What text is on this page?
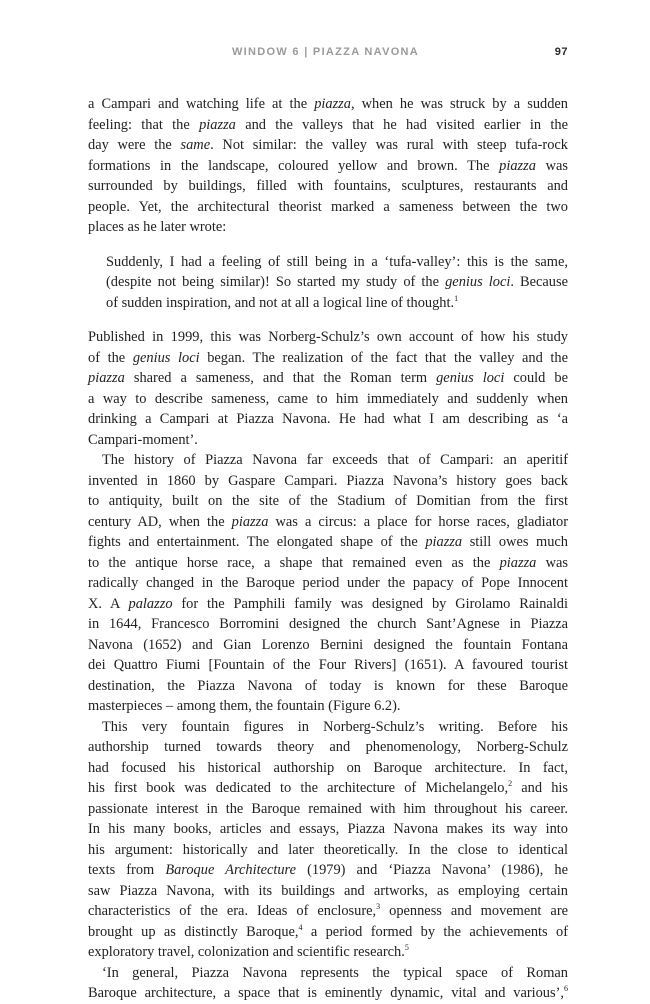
WINDOW 6 | PIAZZA NAVONA	97
a Campari and watching life at the piazza, when he was struck by a sudden
feeling: that the piazza and the valleys that he had visited earlier in the
day were the same. Not similar: the valley was rural with steep tufa-rock
formations in the landscape, coloured yellow and brown. The piazza was
surrounded by buildings, filled with fountains, sculptures, restaurants and
people. Yet, the architectural theorist marked a sameness between the two
places as he later wrote:
Suddenly, I had a feeling of still being in a ‘tufa-valley’: this is the same,
(despite not being similar)! So started my study of the genius loci. Because
of sudden inspiration, and not at all a logical line of thought.$^1$
Published in 1999, this was Norberg-Schulz’s own account of how his study
of the genius loci began. The realization of the fact that the valley and the
piazza shared a sameness, and that the Roman term genius loci could be
a way to describe sameness, came to him immediately and suddenly when
drinking a Campari at Piazza Navona. He had what I am describing as ‘a
Campari-moment’.
The history of Piazza Navona far exceeds that of Campari: an aperitif
invented in 1860 by Gaspare Campari. Piazza Navona’s history goes back
to antiquity, built on the site of the Stadium of Domitian from the first
century AD, when the piazza was a circus: a place for horse races, gladiator
fights and entertainment. The elongated shape of the piazza still owes much
to the antique horse race, a shape that remained even as the piazza was
radically changed in the Baroque period under the papacy of Pope Innocent
X. A palazzo for the Pamphili family was designed by Girolamo Rainaldi
in 1644, Francesco Borromini designed the church Sant’Agnese in Piazza
Navona (1652) and Gian Lorenzo Bernini designed the fountain Fontana
dei Quattro Fiumi [Fountain of the Four Rivers] (1651). A favoured tourist
destination, the Piazza Navona of today is known for these Baroque
masterpieces – among them, the fountain (Figure 6.2).
This very fountain figures in Norberg-Schulz’s writing. Before his
authorship turned towards theory and phenomenology, Norberg-Schulz
had focused his historical authorship on Baroque architecture. In fact,
his first book was dedicated to the architecture of Michelangelo,$^2$ and his
passionate interest in the Baroque remained with him throughout his career.
In his many books, articles and essays, Piazza Navona makes its way into
his argument: historically and later theoretically. In the close to identical
texts from Baroque Architecture (1979) and ‘Piazza Navona’ (1986), he
saw Piazza Navona, with its buildings and artworks, as employing certain
characteristics of the era. Ideas of enclosure,$^3$ openness and movement are
brought up as distinctly Baroque,$^4$ a period formed by the achievements of
exploratory travel, colonization and scientific research.$^5$
‘In general, Piazza Navona represents the typical space of Roman
Baroque architecture, a space that is eminently dynamic, vital and various’,$^6$
